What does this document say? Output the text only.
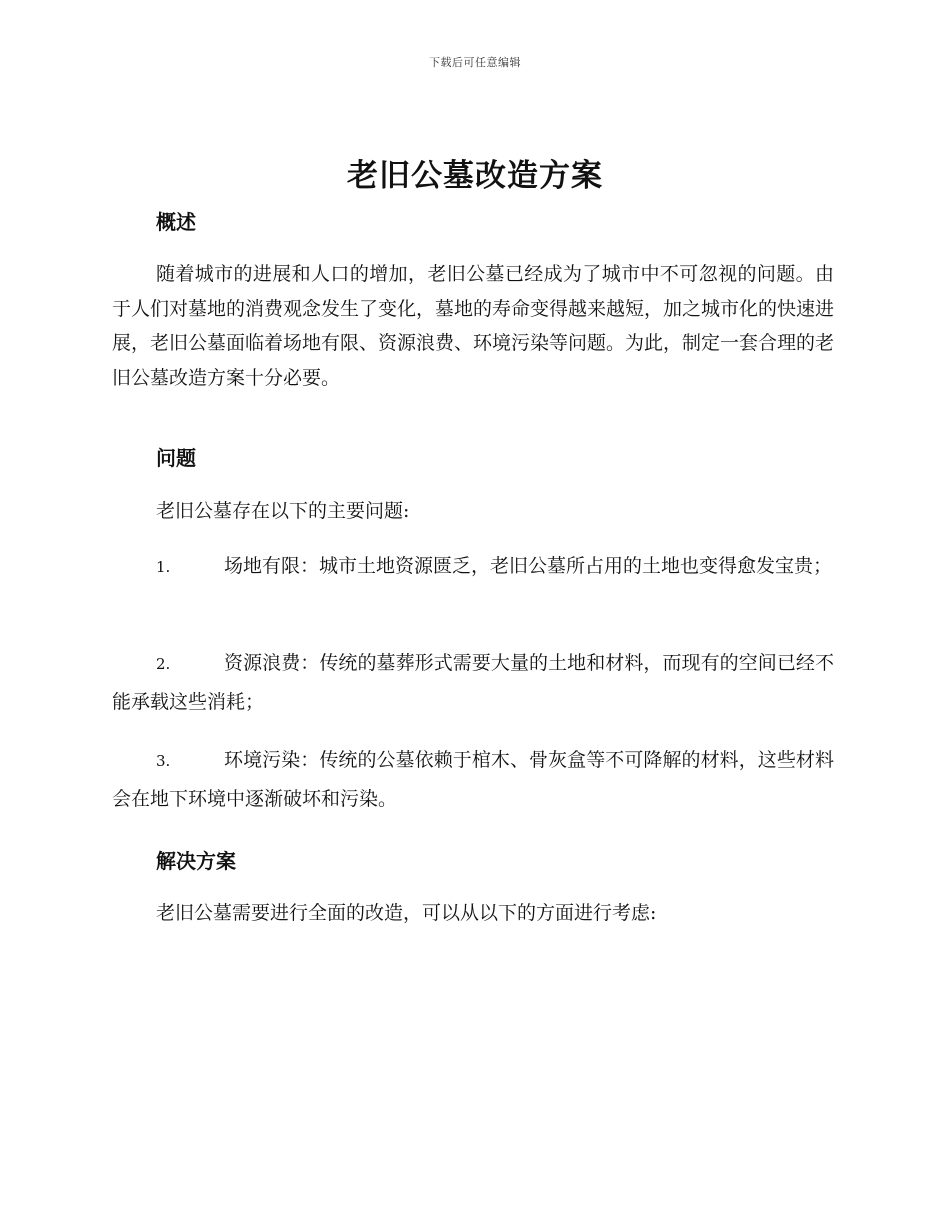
下载后可任意编辑
老旧公墓改造方案
概述
随着城市的进展和人口的增加，老旧公墓已经成为了城市中不可忽视的问题。由于人们对墓地的消费观念发生了变化，墓地的寿命变得越来越短，加之城市化的快速进展，老旧公墓面临着场地有限、资源浪费、环境污染等问题。为此，制定一套合理的老旧公墓改造方案十分必要。
问题
老旧公墓存在以下的主要问题:
1.	场地有限：城市土地资源匮乏，老旧公墓所占用的土地也变得愈发宝贵；
2.	资源浪费：传统的墓葬形式需要大量的土地和材料，而现有的空间已经不能承载这些消耗；
3.	环境污染：传统的公墓依赖于棺木、骨灰盒等不可降解的材料，这些材料会在地下环境中逐渐破坏和污染。
解决方案
老旧公墓需要进行全面的改造，可以从以下的方面进行考虑:
